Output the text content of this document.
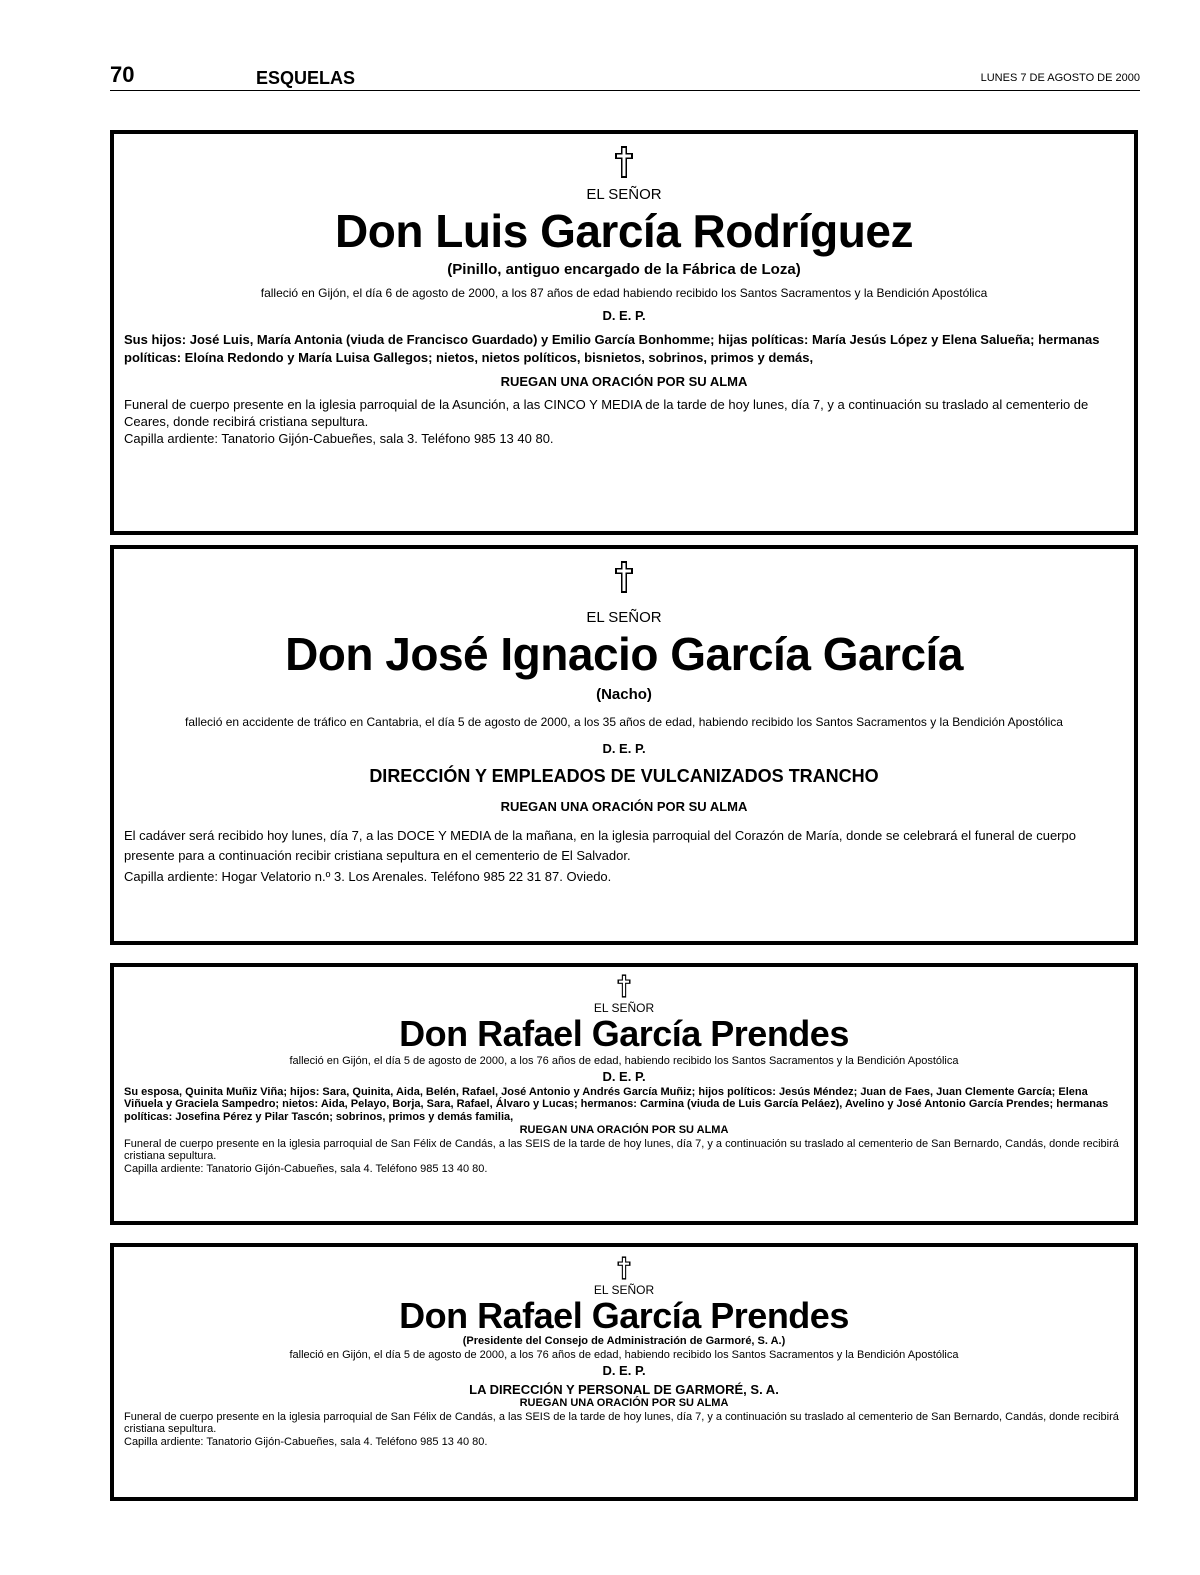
70	ESQUELAS	LUNES 7 DE AGOSTO DE 2000
EL SEÑOR
Don Luis García Rodríguez
(Pinillo, antiguo encargado de la Fábrica de Loza)
falleció en Gijón, el día 6 de agosto de 2000, a los 87 años de edad habiendo recibido los Santos Sacramentos y la Bendición Apostólica
D. E. P.
Sus hijos: José Luis, María Antonia (viuda de Francisco Guardado) y Emilio García Bonhomme; hijas políticas: María Jesús López y Elena Salueña; hermanas políticas: Eloína Redondo y María Luisa Gallegos; nietos, nietos políticos, bisnietos, sobrinos, primos y demás,
RUEGAN UNA ORACIÓN POR SU ALMA

Funeral de cuerpo presente en la iglesia parroquial de la Asunción, a las CINCO Y MEDIA de la tarde de hoy lunes, día 7, y a continuación su traslado al cementerio de Ceares, donde recibirá cristiana sepultura.

Capilla ardiente: Tanatorio Gijón-Cabueñes, sala 3. Teléfono 985 13 40 80.

EL SEÑOR
Don José Ignacio García García
(Nacho)
falleció en accidente de tráfico en Cantabria, el día 5 de agosto de 2000, a los 35 años de edad, habiendo recibido los Santos Sacramentos y la Bendición Apostólica
D. E. P.
DIRECCIÓN Y EMPLEADOS DE VULCANIZADOS TRANCHO
RUEGAN UNA ORACIÓN POR SU ALMA

El cadáver será recibido hoy lunes, día 7, a las DOCE Y MEDIA de la mañana, en la iglesia parroquial del Corazón de María, donde se celebrará el funeral de cuerpo presente para a continuación recibir cristiana sepultura en el cementerio de El Salvador.

Capilla ardiente: Hogar Velatorio n.º 3. Los Arenales. Teléfono 985 22 31 87. Oviedo.

EL SEÑOR
Don Rafael García Prendes
falleció en Gijón, el día 5 de agosto de 2000, a los 76 años de edad, habiendo recibido los Santos Sacramentos y la Bendición Apostólica
D. E. P.
Su esposa, Quinita Muñiz Viña; hijos: Sara, Quinita, Aida, Belén, Rafael, José Antonio y Andrés García Muñiz; hijos políticos: Jesús Méndez; Juan de Faes, Juan Clemente García; Elena Viñuela y Graciela Sampedro; nietos: Aida, Pelayo, Borja, Sara, Rafael, Álvaro y Lucas; hermanos: Carmina (viuda de Luis García Peláez), Avelino y José Antonio García Prendes; hermanas políticas: Josefina Pérez y Pilar Tascón; sobrinos, primos y demás familia,
RUEGAN UNA ORACIÓN POR SU ALMA

Funeral de cuerpo presente en la iglesia parroquial de San Félix de Candás, a las SEIS de la tarde de hoy lunes, día 7, y a continuación su traslado al cementerio de San Bernardo, Candás, donde recibirá cristiana sepultura.

Capilla ardiente: Tanatorio Gijón-Cabueñes, sala 4. Teléfono 985 13 40 80.

EL SEÑOR
Don Rafael García Prendes
(Presidente del Consejo de Administración de Garmoré, S. A.)
falleció en Gijón, el día 5 de agosto de 2000, a los 76 años de edad, habiendo recibido los Santos Sacramentos y la Bendición Apostólica
D. E. P.
LA DIRECCIÓN Y PERSONAL DE GARMORÉ, S. A.
RUEGAN UNA ORACIÓN POR SU ALMA

Funeral de cuerpo presente en la iglesia parroquial de San Félix de Candás, a las SEIS de la tarde de hoy lunes, día 7, y a continuación su traslado al cementerio de San Bernardo, Candás, donde recibirá cristiana sepultura.

Capilla ardiente: Tanatorio Gijón-Cabueñes, sala 4. Teléfono 985 13 40 80.
